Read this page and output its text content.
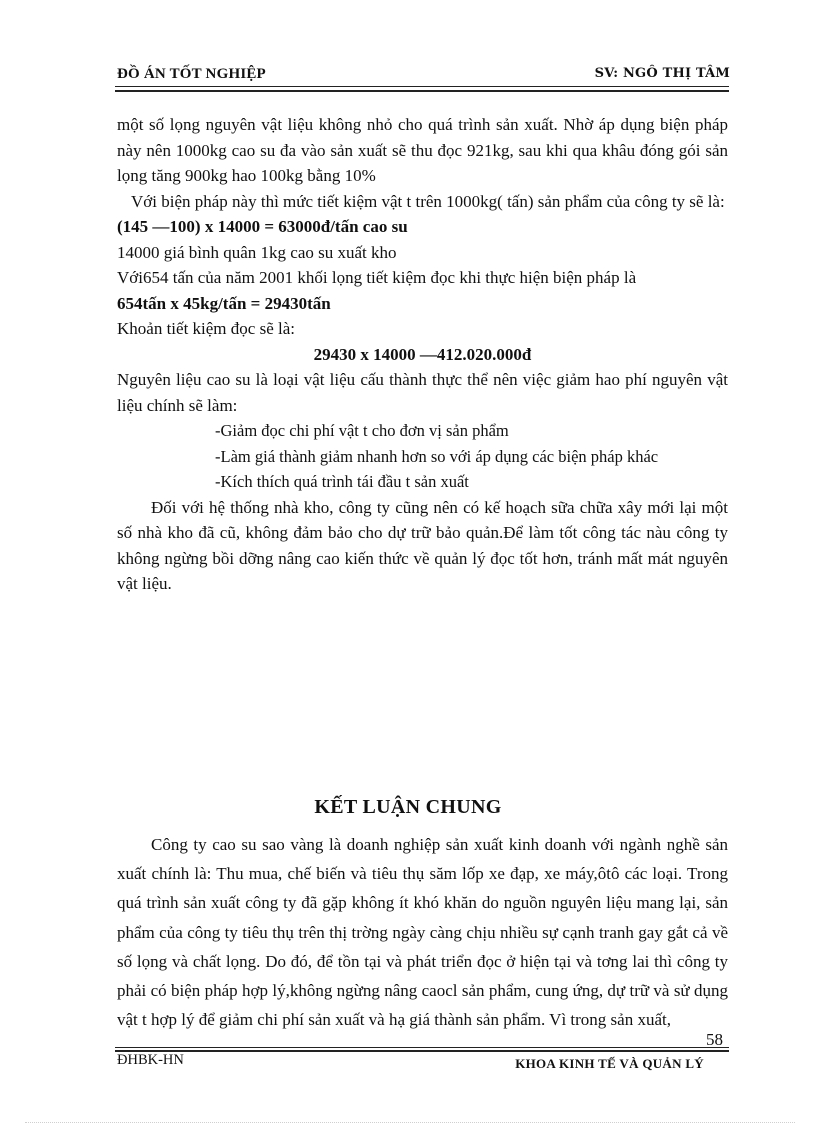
ĐỒ ÁN TỐT NGHIỆP	SV: NGÔ THỊ TÂM

một số lọng nguyên vật liệu không nhỏ cho quá trình sản xuất. Nhờ áp dụng biện pháp này nên 1000kg cao su đa vào sản xuất sẽ thu đọc 921kg, sau khi qua khâu đóng gói sản lọng tăng 900kg hao 100kg bằng 10%

Với biện pháp này thì mức tiết kiệm vật t trên 1000kg( tấn) sản phẩm của công ty sẽ là:

(145 —100) x 14000 = 63000đ/tấn cao su

14000 giá bình quân 1kg cao su xuất kho

Với654 tấn của năm 2001 khối lọng tiết kiệm đọc khi thực hiện biện pháp là

654tấn x 45kg/tấn = 29430tấn

Khoản tiết kiệm đọc sẽ là:

29430 x 14000 —412.020.000đ

Nguyên liệu cao su là loại vật liệu cấu thành thực thể nên việc giảm hao phí nguyên vật liệu chính sẽ làm:

-Giảm đọc chi phí vật t cho đơn vị sản phẩm
-Làm giá thành giảm nhanh hơn so với áp dụng các biện pháp khác
-Kích thích quá trình tái đầu t sản xuất

Đối với hệ thống nhà kho, công ty cũng nên có kế hoạch sữa chữa xây mới lại một số nhà kho đã cũ, không đảm bảo cho dự trữ bảo quản.Để làm tốt công tác nàu công ty không ngừng bồi dỡng nâng cao kiến thức về quản lý đọc tốt hơn, tránh mất mát nguyên vật liệu.

KẾT LUẬN CHUNG

Công ty cao su sao vàng là doanh nghiệp sản xuất kinh doanh với ngành nghề sản xuất chính là: Thu mua, chế biến và tiêu thụ săm lốp xe đạp, xe máy,ôtô các loại. Trong quá trình sản xuất công ty đã gặp không ít khó khăn do nguồn nguyên liệu mang lại, sản phẩm của công ty tiêu thụ trên thị trờng ngày càng chịu nhiều sự cạnh tranh gay gắt cả về số lọng và chất lọng. Do đó, để tồn tại và phát triển đọc ở hiện tại và tơng lai thì công ty phải có biện pháp hợp lý,không ngừng nâng caocl sản phẩm, cung ứng, dự trữ và sử dụng vật t hợp lý để giảm chi phí sản xuất và hạ giá thành sản phẩm. Vì trong sản xuất,

58
ĐHBK-HN	KHOA KINH TẾ VÀ QUẢN LÝ
